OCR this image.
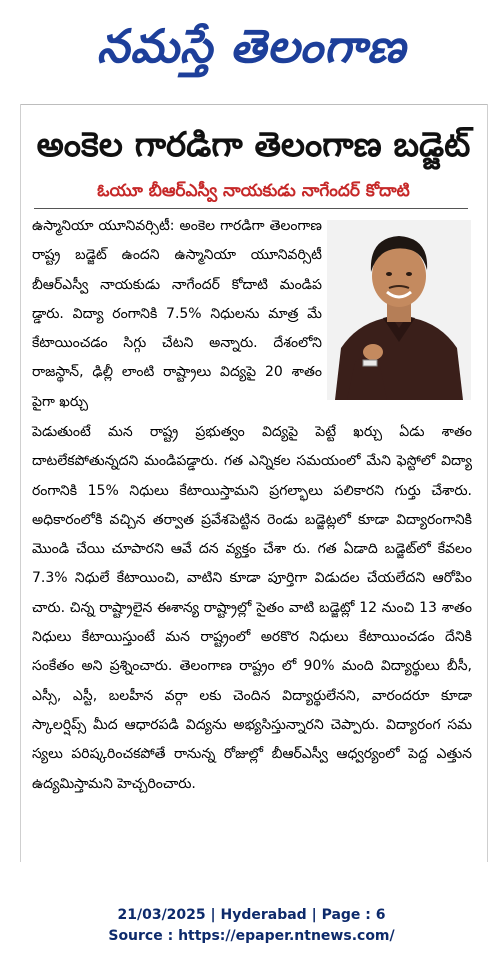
నమస్తే తెలంగాణ
అంకెల గారడిగా తెలంగాణ బడ్జెట్
ఓయూ బీఆర్‌ఎస్వీ నాయకుడు నాగేందర్ కోదాటి
ఉస్మానియా యూనివర్సిటీ: అంకెల గారడిగా తెలంగాణ రాష్ట్ర బడ్జెట్ ఉందని ఉస్మానియా యూనివర్సిటీ బీఆర్‌ఎస్వీ నాయకుడు నాగేందర్ కోదాటి మండిప డ్డారు. విద్యా రంగానికి 7.5% నిధులను మాత్ర మే కేటాయించడం సిగ్గు చేటని అన్నారు. దేశంలోని రాజస్థాన్, ఢిల్లీ లాంటి రాష్ట్రాలు విద్యపై 20 శాతం పైగా ఖర్చు
పెడుతుంటే మన రాష్ట్ర ప్రభుత్వం విద్యపై పెట్టే ఖర్చు ఏడు శాతం దాటలేకపోతున్నదని మండిపడ్డారు. గత ఎన్నికల సమయంలో మేని ఫెస్టోలో విద్యా రంగానికి 15% నిధులు కేటాయిస్తామని ప్రగల్భాలు పలికారని గుర్తు చేశారు. అధికారంలోకి వచ్చిన తర్వాత ప్రవేశపెట్టిన రెండు బడ్జెట్లలో కూడా విద్యారంగానికి మొండి చేయి చూపారని ఆవే దన వ్యక్తం చేశా రు. గత ఏడాది బడ్జెట్‌లో కేవలం 7.3% నిధులే కేటాయించి, వాటిని కూడా పూర్తిగా విడుదల చేయలేదని ఆరోపిం చారు. చిన్న రాష్ట్రాలైన ఈశాన్య రాష్ట్రాల్లో సైతం వాటి బడ్జెట్లో 12 నుంచి 13 శాతం నిధులు కేటాయిస్తుంటే మన రాష్ట్రంలో అరకొర నిధులు కేటాయించడం దేనికి సంకేతం అని ప్రశ్నించారు. తెలంగాణ రాష్ట్రం లో 90% మంది విద్యార్థులు బీసీ, ఎస్సీ, ఎస్టీ, బలహీన వర్గా లకు చెందిన విద్యార్థులేనని, వారందరూ కూడా స్కాలర్షిప్స్ మీద ఆధారపడి విద్యను అభ్యసిస్తున్నారని చెప్పారు. విద్యారంగ సమ స్యలు పరిష్కరించకపోతే రానున్న రోజుల్లో బీఆర్‌ఎస్వీ ఆధ్వర్యంలో పెద్ద ఎత్తున ఉద్యమిస్తామని హెచ్చరించారు.
21/03/2025 | Hyderabad | Page : 6
Source : https://epaper.ntnews.com/
